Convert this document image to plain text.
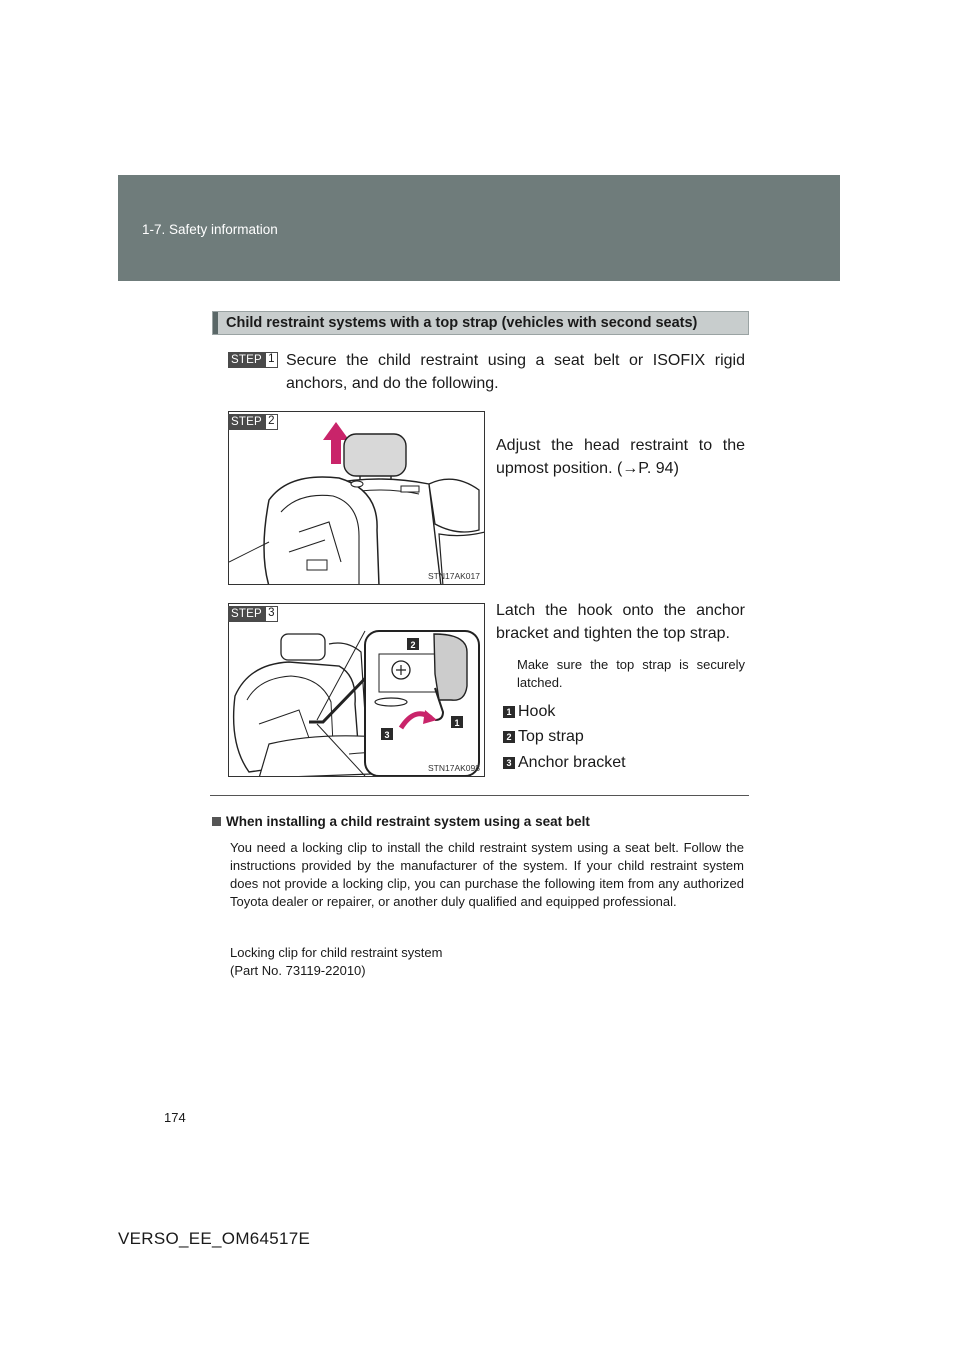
1-7. Safety information
Child restraint systems with a top strap (vehicles with second seats)
STEP 1 Secure the child restraint using a seat belt or ISOFIX rigid anchors, and do the following.
STN17AK017
STEP 2
Adjust the head restraint to the upmost position. (→P. 94)
2
1
3
STN17AK098
STEP 3	Latch the hook onto the anchor bracket and tighten the top strap.
Make sure the top strap is securely latched.
1 Hook
2 Top strap
3 Anchor bracket
When installing a child restraint system using a seat belt
You need a locking clip to install the child restraint system using a seat belt. Follow the instructions provided by the manufacturer of the system. If your child restraint system does not provide a locking clip, you can purchase the following item from any authorized Toyota dealer or repairer, or another duly qualified and equipped professional.
Locking clip for child restraint system
(Part No. 73119-22010)
174
VERSO_EE_OM64517E
